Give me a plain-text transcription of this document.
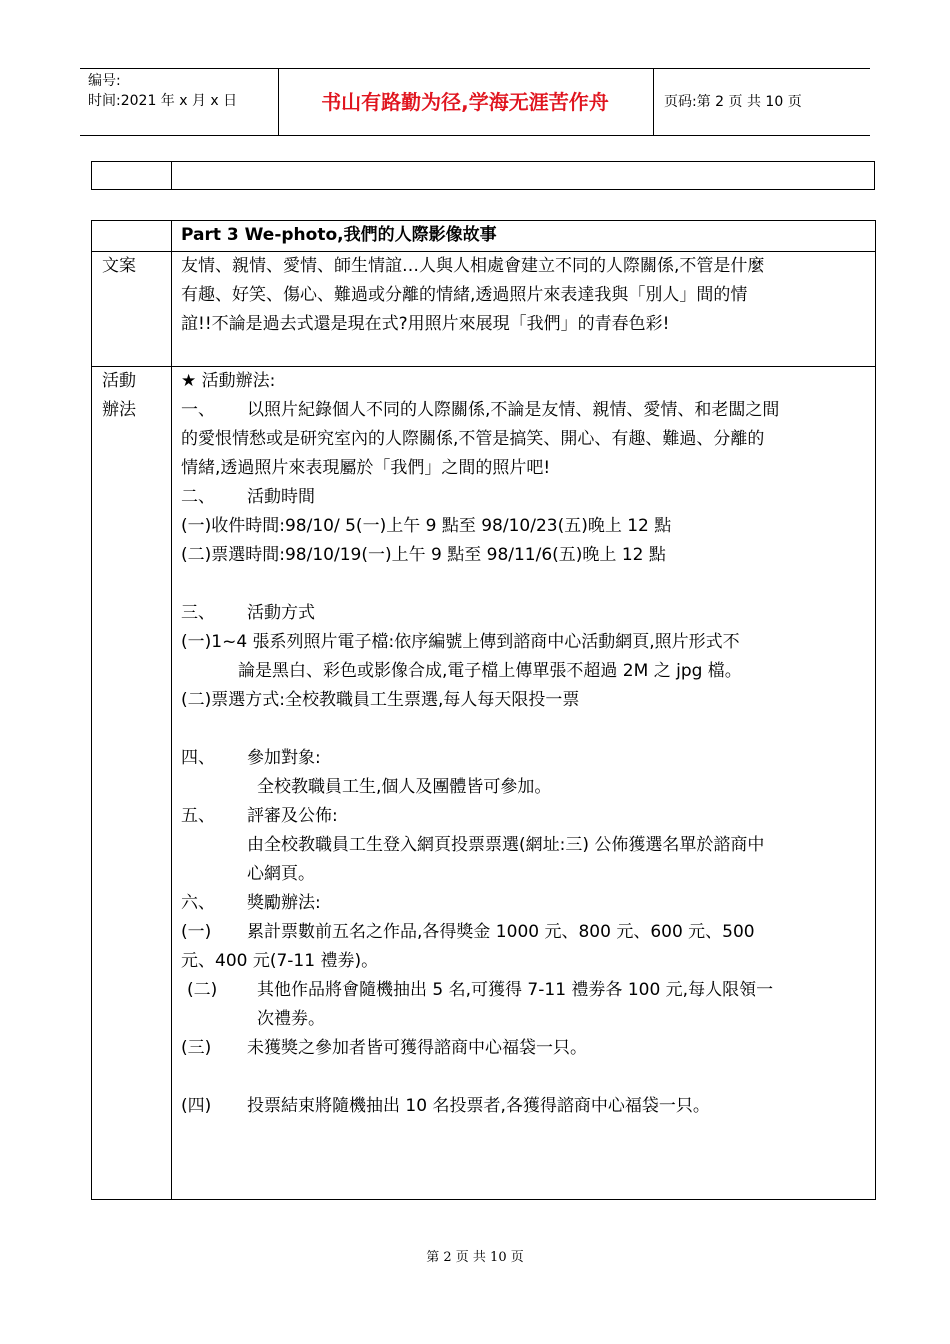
编号:
时间:2021 年 x 月 x 日	书山有路勤为径,学海无涯苦作舟	页码:第 2 页 共 10 页
Part 3 We-photo,我們的人際影像故事
文案	友情、親情、愛情、師生情誼…人與人相處會建立不同的人際關係,不管是什麼
有趣、好笑、傷心、難過或分離的情緒,透過照片來表達我與「別人」間的情
誼!!不論是過去式還是現在式?用照片來展現「我們」的青春色彩!
活動
辦法
★ 活動辦法:
一、 以照片紀錄個人不同的人際關係,不論是友情、親情、愛情、和老闆之間
的愛恨情愁或是研究室內的人際關係,不管是搞笑、開心、有趣、難過、分離的
情緒,透過照片來表現屬於「我們」之間的照片吧!
二、 活動時間
(一)收件時間:98/10/ 5(一)上午 9 點至 98/10/23(五)晚上 12 點
(二)票選時間:98/10/19(一)上午 9 點至 98/11/6(五)晚上 12 點
三、 活動方式
(一)1~4 張系列照片電子檔:依序編號上傳到諮商中心活動網頁,照片形式不
論是黑白、彩色或影像合成,電子檔上傳單張不超過 2M 之 jpg 檔。
(二)票選方式:全校教職員工生票選,每人每天限投一票
四、 參加對象:
全校教職員工生,個人及團體皆可參加。
五、 評審及公佈:
由全校教職員工生登入網頁投票票選(網址:三) 公佈獲選名單於諮商中
心網頁。
六、 獎勵辦法:
(一) 累計票數前五名之作品,各得獎金 1000 元、800 元、600 元、500
元、400 元(7-11 禮劵)。
(二) 其他作品將會隨機抽出 5 名,可獲得 7-11 禮劵各 100 元,每人限領一
次禮劵。
(三) 未獲獎之參加者皆可獲得諮商中心福袋一只。
(四) 投票結束將隨機抽出 10 名投票者,各獲得諮商中心福袋一只。
第 2 页 共 10 页
